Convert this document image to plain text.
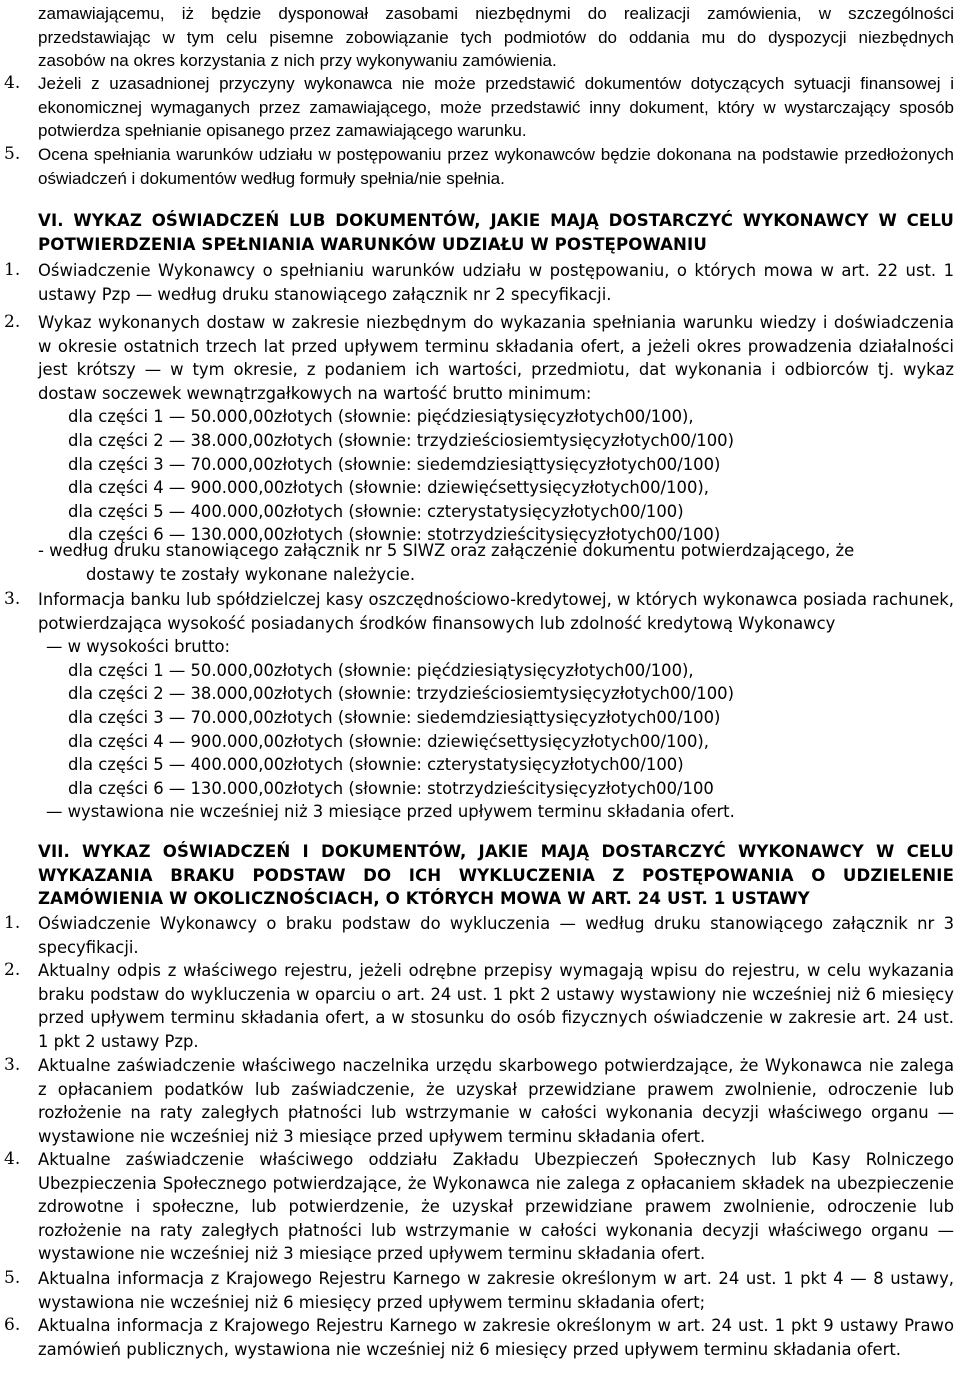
zamawiającemu, iż będzie dysponował zasobami niezbędnymi do realizacji zamówienia, w szczególności

przedstawiając w tym celu pisemne zobowiązanie tych podmiotów do oddania mu do dyspozycji niezbędnych

zasobów na okres korzystania z nich przy wykonywaniu zamówienia.

4. Jeżeli z uzasadnionej przyczyny wykonawca nie może przedstawić dokumentów dotyczących sytuacji finansowej i ekonomicznej wymaganych przez zamawiającego, może przedstawić inny dokument, który w wystarczający sposób potwierdza spełnianie opisanego przez zamawiającego warunku.

5. Ocena spełniania warunków udziału w postępowaniu przez wykonawców będzie dokonana na podstawie przedłożonych oświadczeń i dokumentów według formuły spełnia/nie spełnia.

VI. WYKAZ OŚWIADCZEŃ LUB DOKUMENTÓW, JAKIE MAJĄ DOSTARCZYĆ WYKONAWCY W CELU POTWIERDZENIA SPEŁNIANIA WARUNKÓW UDZIAŁU W POSTĘPOWANIU
1. Oświadczenie Wykonawcy o spełnianiu warunków udziału w postępowaniu, o których mowa w art. 22 ust. 1 ustawy Pzp — według druku stanowiącego załącznik nr 2 specyfikacji.

2. Wykaz wykonanych dostaw w zakresie niezbędnym do wykazania spełniania warunku wiedzy i doświadczenia w okresie ostatnich trzech lat przed upływem terminu składania ofert, a jeżeli okres prowadzenia działalności jest krótszy — w tym okresie, z podaniem ich wartości, przedmiotu, dat wykonania i odbiorców tj. wykaz dostaw soczewek wewnątrzgałkowych na wartość brutto minimum:

dla części 1 — 50.000,00złotych (słownie: pięćdziesiątysięcyzłotych00/100),

dla części 2 — 38.000,00złotych (słownie: trzydzieściosiemtysięcyzłotych00/100)

dla części 3 — 70.000,00złotych (słownie: siedemdziesiąttysięcyzłotych00/100)

dla części 4 — 900.000,00złotych (słownie: dziewięćsettysięcyzłotych00/100),

dla części 5 — 400.000,00złotych (słownie: czterystatysięcyzłotych00/100)

dla części 6 — 130.000,00złotych (słownie: stotrzydzieścitysięcyzłotych00/100)

- według druku stanowiącego załącznik nr 5 SIWZ oraz załączenie dokumentu potwierdzającego, że

dostawy te zostały wykonane należycie.

3. Informacja banku lub spółdzielczej kasy oszczędnościowo-kredytowej, w których wykonawca posiada rachunek, potwierdzająca wysokość posiadanych środków finansowych lub zdolność kredytową Wykonawcy

— w wysokości brutto:

dla części 1 — 50.000,00złotych (słownie: pięćdziesiątysięcyzłotych00/100),

dla części 2 — 38.000,00złotych (słownie: trzydzieściosiemtysięcyzłotych00/100)

dla części 3 — 70.000,00złotych (słownie: siedemdziesiąttysięcyzłotych00/100)

dla części 4 — 900.000,00złotych (słownie: dziewięćsettysięcyzłotych00/100),

dla części 5 — 400.000,00złotych (słownie: czterystatysięcyzłotych00/100)

dla części 6 — 130.000,00złotych (słownie: stotrzydzieścitysięcyzłotych00/100

— wystawiona nie wcześniej niż 3 miesiące przed upływem terminu składania ofert.

VII. WYKAZ OŚWIADCZEŃ I DOKUMENTÓW, JAKIE MAJĄ DOSTARCZYĆ WYKONAWCY W CELU WYKAZANIA BRAKU PODSTAW DO ICH WYKLUCZENIA Z POSTĘPOWANIA O UDZIELENIE ZAMÓWIENIA W OKOLICZNOŚCIACH, O KTÓRYCH MOWA W ART. 24 UST. 1 USTAWY
1. Oświadczenie Wykonawcy o braku podstaw do wykluczenia — według druku stanowiącego załącznik nr 3 specyfikacji.

2. Aktualny odpis z właściwego rejestru, jeżeli odrębne przepisy wymagają wpisu do rejestru, w celu wykazania braku podstaw do wykluczenia w oparciu o art. 24 ust. 1 pkt 2 ustawy wystawiony nie wcześniej niż 6 miesięcy przed upływem terminu składania ofert, a w stosunku do osób fizycznych oświadczenie w zakresie art. 24 ust. 1 pkt 2 ustawy Pzp.

3. Aktualne zaświadczenie właściwego naczelnika urzędu skarbowego potwierdzające, że Wykonawca nie zalega z opłacaniem podatków lub zaświadczenie, że uzyskał przewidziane prawem zwolnienie, odroczenie lub rozłożenie na raty zaległych płatności lub wstrzymanie w całości wykonania decyzji właściwego organu — wystawione nie wcześniej niż 3 miesiące przed upływem terminu składania ofert.

4. Aktualne zaświadczenie właściwego oddziału Zakładu Ubezpieczeń Społecznych lub Kasy Rolniczego Ubezpieczenia Społecznego potwierdzające, że Wykonawca nie zalega z opłacaniem składek na ubezpieczenie zdrowotne i społeczne, lub potwierdzenie, że uzyskał przewidziane prawem zwolnienie, odroczenie lub rozłożenie na raty zaległych płatności lub wstrzymanie w całości wykonania decyzji właściwego organu — wystawione nie wcześniej niż 3 miesiące przed upływem terminu składania ofert.

5. Aktualna informacja z Krajowego Rejestru Karnego w zakresie określonym w art. 24 ust. 1 pkt 4 — 8 ustawy, wystawiona nie wcześniej niż 6 miesięcy przed upływem terminu składania ofert;

6. Aktualna informacja z Krajowego Rejestru Karnego w zakresie określonym w art. 24 ust. 1 pkt 9 ustawy Prawo zamówień publicznych, wystawiona nie wcześniej niż 6 miesięcy przed upływem terminu składania ofert.
